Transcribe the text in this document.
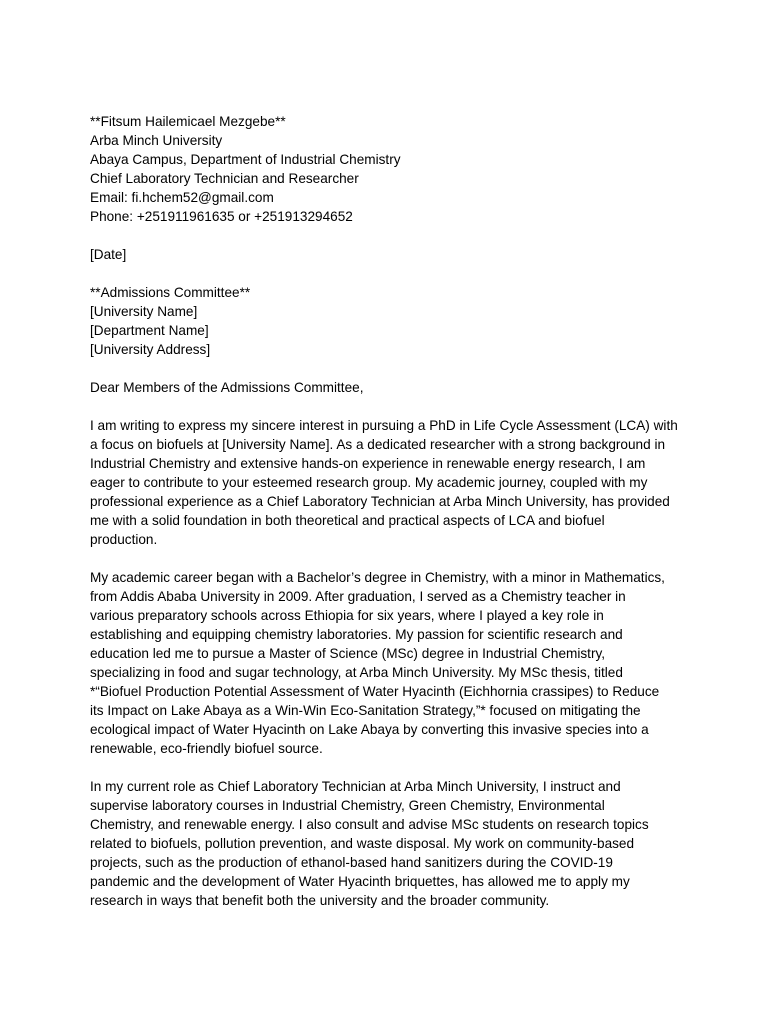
**Fitsum Hailemicael Mezgebe**
Arba Minch University
Abaya Campus, Department of Industrial Chemistry
Chief Laboratory Technician and Researcher
Email: fi.hchem52@gmail.com
Phone: +251911961635 or +251913294652
[Date]
**Admissions Committee**
[University Name]
[Department Name]
[University Address]
Dear Members of the Admissions Committee,
I am writing to express my sincere interest in pursuing a PhD in Life Cycle Assessment (LCA) with
a focus on biofuels at [University Name]. As a dedicated researcher with a strong background in
Industrial Chemistry and extensive hands-on experience in renewable energy research, I am
eager to contribute to your esteemed research group. My academic journey, coupled with my
professional experience as a Chief Laboratory Technician at Arba Minch University, has provided
me with a solid foundation in both theoretical and practical aspects of LCA and biofuel
production.
My academic career began with a Bachelor’s degree in Chemistry, with a minor in Mathematics,
from Addis Ababa University in 2009. After graduation, I served as a Chemistry teacher in
various preparatory schools across Ethiopia for six years, where I played a key role in
establishing and equipping chemistry laboratories. My passion for scientific research and
education led me to pursue a Master of Science (MSc) degree in Industrial Chemistry,
specializing in food and sugar technology, at Arba Minch University. My MSc thesis, titled
*“Biofuel Production Potential Assessment of Water Hyacinth (Eichhornia crassipes) to Reduce
its Impact on Lake Abaya as a Win-Win Eco-Sanitation Strategy,”* focused on mitigating the
ecological impact of Water Hyacinth on Lake Abaya by converting this invasive species into a
renewable, eco-friendly biofuel source.
In my current role as Chief Laboratory Technician at Arba Minch University, I instruct and
supervise laboratory courses in Industrial Chemistry, Green Chemistry, Environmental
Chemistry, and renewable energy. I also consult and advise MSc students on research topics
related to biofuels, pollution prevention, and waste disposal. My work on community-based
projects, such as the production of ethanol-based hand sanitizers during the COVID-19
pandemic and the development of Water Hyacinth briquettes, has allowed me to apply my
research in ways that benefit both the university and the broader community.
